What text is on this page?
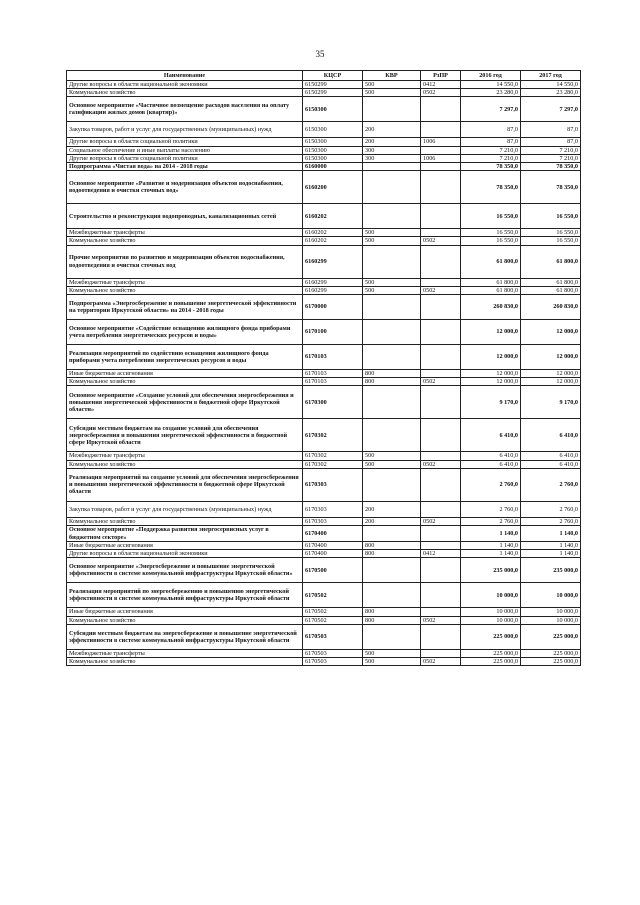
35
Наименование	КЦСР	КВР	РзПР	2016 год	2017 год
Другие вопросы в области национальной экономики	6150299	500	0412	14 550,0	14 550,0
Коммунальное хозяйство	6150299	500	0502	23 280,0	23 280,0
Основное мероприятие «Частичное возмещение расходов населения на оплату газификации жилых домов (квартир)»	6150300			7 297,0	7 297,0
Закупка товаров, работ и услуг для государственных (муниципальных) нужд	6150300	200		87,0	87,0
Другие вопросы в области социальной политики	6150300	200	1006	87,0	87,0
Социальное обеспечение и иные выплаты населению	6150300	300		7 210,0	7 210,0
Другие вопросы в области социальной политики	6150300	300	1006	7 210,0	7 210,0
Подпрограмма «Чистая вода» на 2014 - 2018 годы	6160000			78 350,0	78 350,0
Основное мероприятие «Развитие и модернизация объектов водоснабжения, водоотведения и очистки сточных вод»	6160200			78 350,0	78 350,0
Строительство и реконструкция водопроводных, канализационных сетей	6160202			16 550,0	16 550,0
Межбюджетные трансферты	6160202	500		16 550,0	16 550,0
Коммунальное хозяйство	6160202	500	0502	16 550,0	16 550,0
Прочие мероприятия по развитию и модернизации объектов водоснабжения, водоотведения и очистки сточных вод	6160299			61 800,0	61 800,0
Межбюджетные трансферты	6160299	500		61 800,0	61 800,0
Коммунальное хозяйство	6160299	500	0502	61 800,0	61 800,0
Подпрограмма «Энергосбережение и повышение энергетической эффективности на территории Иркутской области» на 2014 - 2018 годы	6170000			260 830,0	260 830,0
Основное мероприятие «Содействие оснащению жилищного фонда приборами учета потребления энергетических ресурсов и воды»	6170100			12 000,0	12 000,0
Реализация мероприятий по содействию оснащения жилищного фонда приборами учета потребления энергетических ресурсов и воды	6170103			12 000,0	12 000,0
Иные бюджетные ассигнования	6170103	800		12 000,0	12 000,0
Коммунальное хозяйство	6170103	800	0502	12 000,0	12 000,0
Основное мероприятие «Создание условий для обеспечения энергосбережения и повышения энергетической эффективности в бюджетной сфере Иркутской области»	6170300			9 170,0	9 170,0
Субсидии местным бюджетам на создание условий для обеспечения энергосбережения и повышения энергетической эффективности в бюджетной сфере Иркутской области	6170302			6 410,0	6 410,0
Межбюджетные трансферты	6170302	500		6 410,0	6 410,0
Коммунальное хозяйство	6170302	500	0502	6 410,0	6 410,0
Реализация мероприятий на создание условий для обеспечения энергосбережения и повышения энергетической эффективности в бюджетной сфере Иркутской области	6170303			2 760,0	2 760,0
Закупка товаров, работ и услуг для государственных (муниципальных) нужд	6170303	200		2 760,0	2 760,0
Коммунальное хозяйство	6170303	200	0502	2 760,0	2 760,0
Основное мероприятие «Поддержка развития энергосервисных услуг в бюджетном секторе»	6170400			1 140,0	1 140,0
Иные бюджетные ассигнования	6170400	800		1 140,0	1 140,0
Другие вопросы в области национальной экономики	6170400	800	0412	1 140,0	1 140,0
Основное мероприятие «Энергосбережение и повышение энергетической эффективности в системе коммунальной инфраструктуры Иркутской области»	6170500			235 000,0	235 000,0
Реализация мероприятий по энергосбережению и повышению энергетической эффективности в системе коммунальной инфраструктуры Иркутской области	6170502			10 000,0	10 000,0
Иные бюджетные ассигнования	6170502	800		10 000,0	10 000,0
Коммунальное хозяйство	6170502	800	0502	10 000,0	10 000,0
Субсидии местным бюджетам на энергосбережение и повышение энергетической эффективности в системе коммунальной инфраструктуры Иркутской области	6170503			225 000,0	225 000,0
Межбюджетные трансферты	6170503	500		225 000,0	225 000,0
Коммунальное хозяйство	6170503	500	0502	225 000,0	225 000,0
